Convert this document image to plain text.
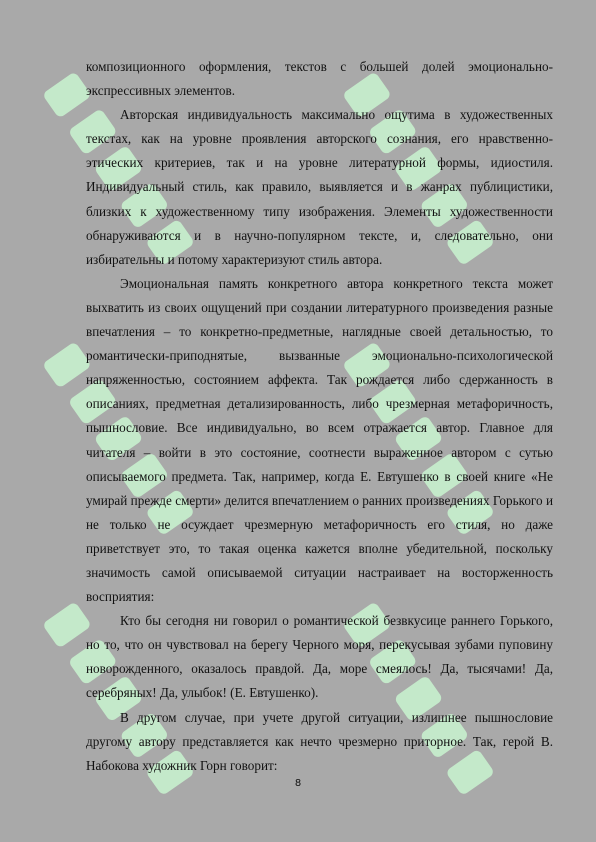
композиционного оформления, текстов с большей долей эмоционально-экспрессивных элементов.

Авторская индивидуальность максимально ощутима в художественных текстах, как на уровне проявления авторского сознания, его нравственно-этических критериев, так и на уровне литературной формы, идиостиля. Индивидуальный стиль, как правило, выявляется и в жанрах публицистики, близких к художественному типу изображения. Элементы художественности обнаруживаются и в научно-популярном тексте, и, следовательно, они избирательны и потому характеризуют стиль автора.

Эмоциональная память конкретного автора конкретного текста может выхватить из своих ощущений при создании литературного произведения разные впечатления – то конкретно-предметные, наглядные своей детальностью, то романтически-приподнятые, вызванные эмоционально-психологической напряженностью, состоянием аффекта. Так рождается либо сдержанность в описаниях, предметная детализированность, либо чрезмерная метафоричность, пышнословие. Все индивидуально, во всем отражается автор. Главное для читателя – войти в это состояние, соотнести выраженное автором с сутью описываемого предмета. Так, например, когда Е. Евтушенко в своей книге «Не умирай прежде смерти» делится впечатлением о ранних произведениях Горького и не только не осуждает чрезмерную метафоричность его стиля, но даже приветствует это, то такая оценка кажется вполне убедительной, поскольку значимость самой описываемой ситуации настраивает на восторженность восприятия:

Кто бы сегодня ни говорил о романтической безвкусице раннего Горького, но то, что он чувствовал на берегу Черного моря, перекусывая зубами пуповину новорожденного, оказалось правдой. Да, море смеялось! Да, тысячами! Да, серебряных! Да, улыбок! (Е. Евтушенко).

В другом случае, при учете другой ситуации, излишнее пышнословие другому автору представляется как нечто чрезмерно приторное. Так, герой В. Набокова художник Горн говорит:

8
